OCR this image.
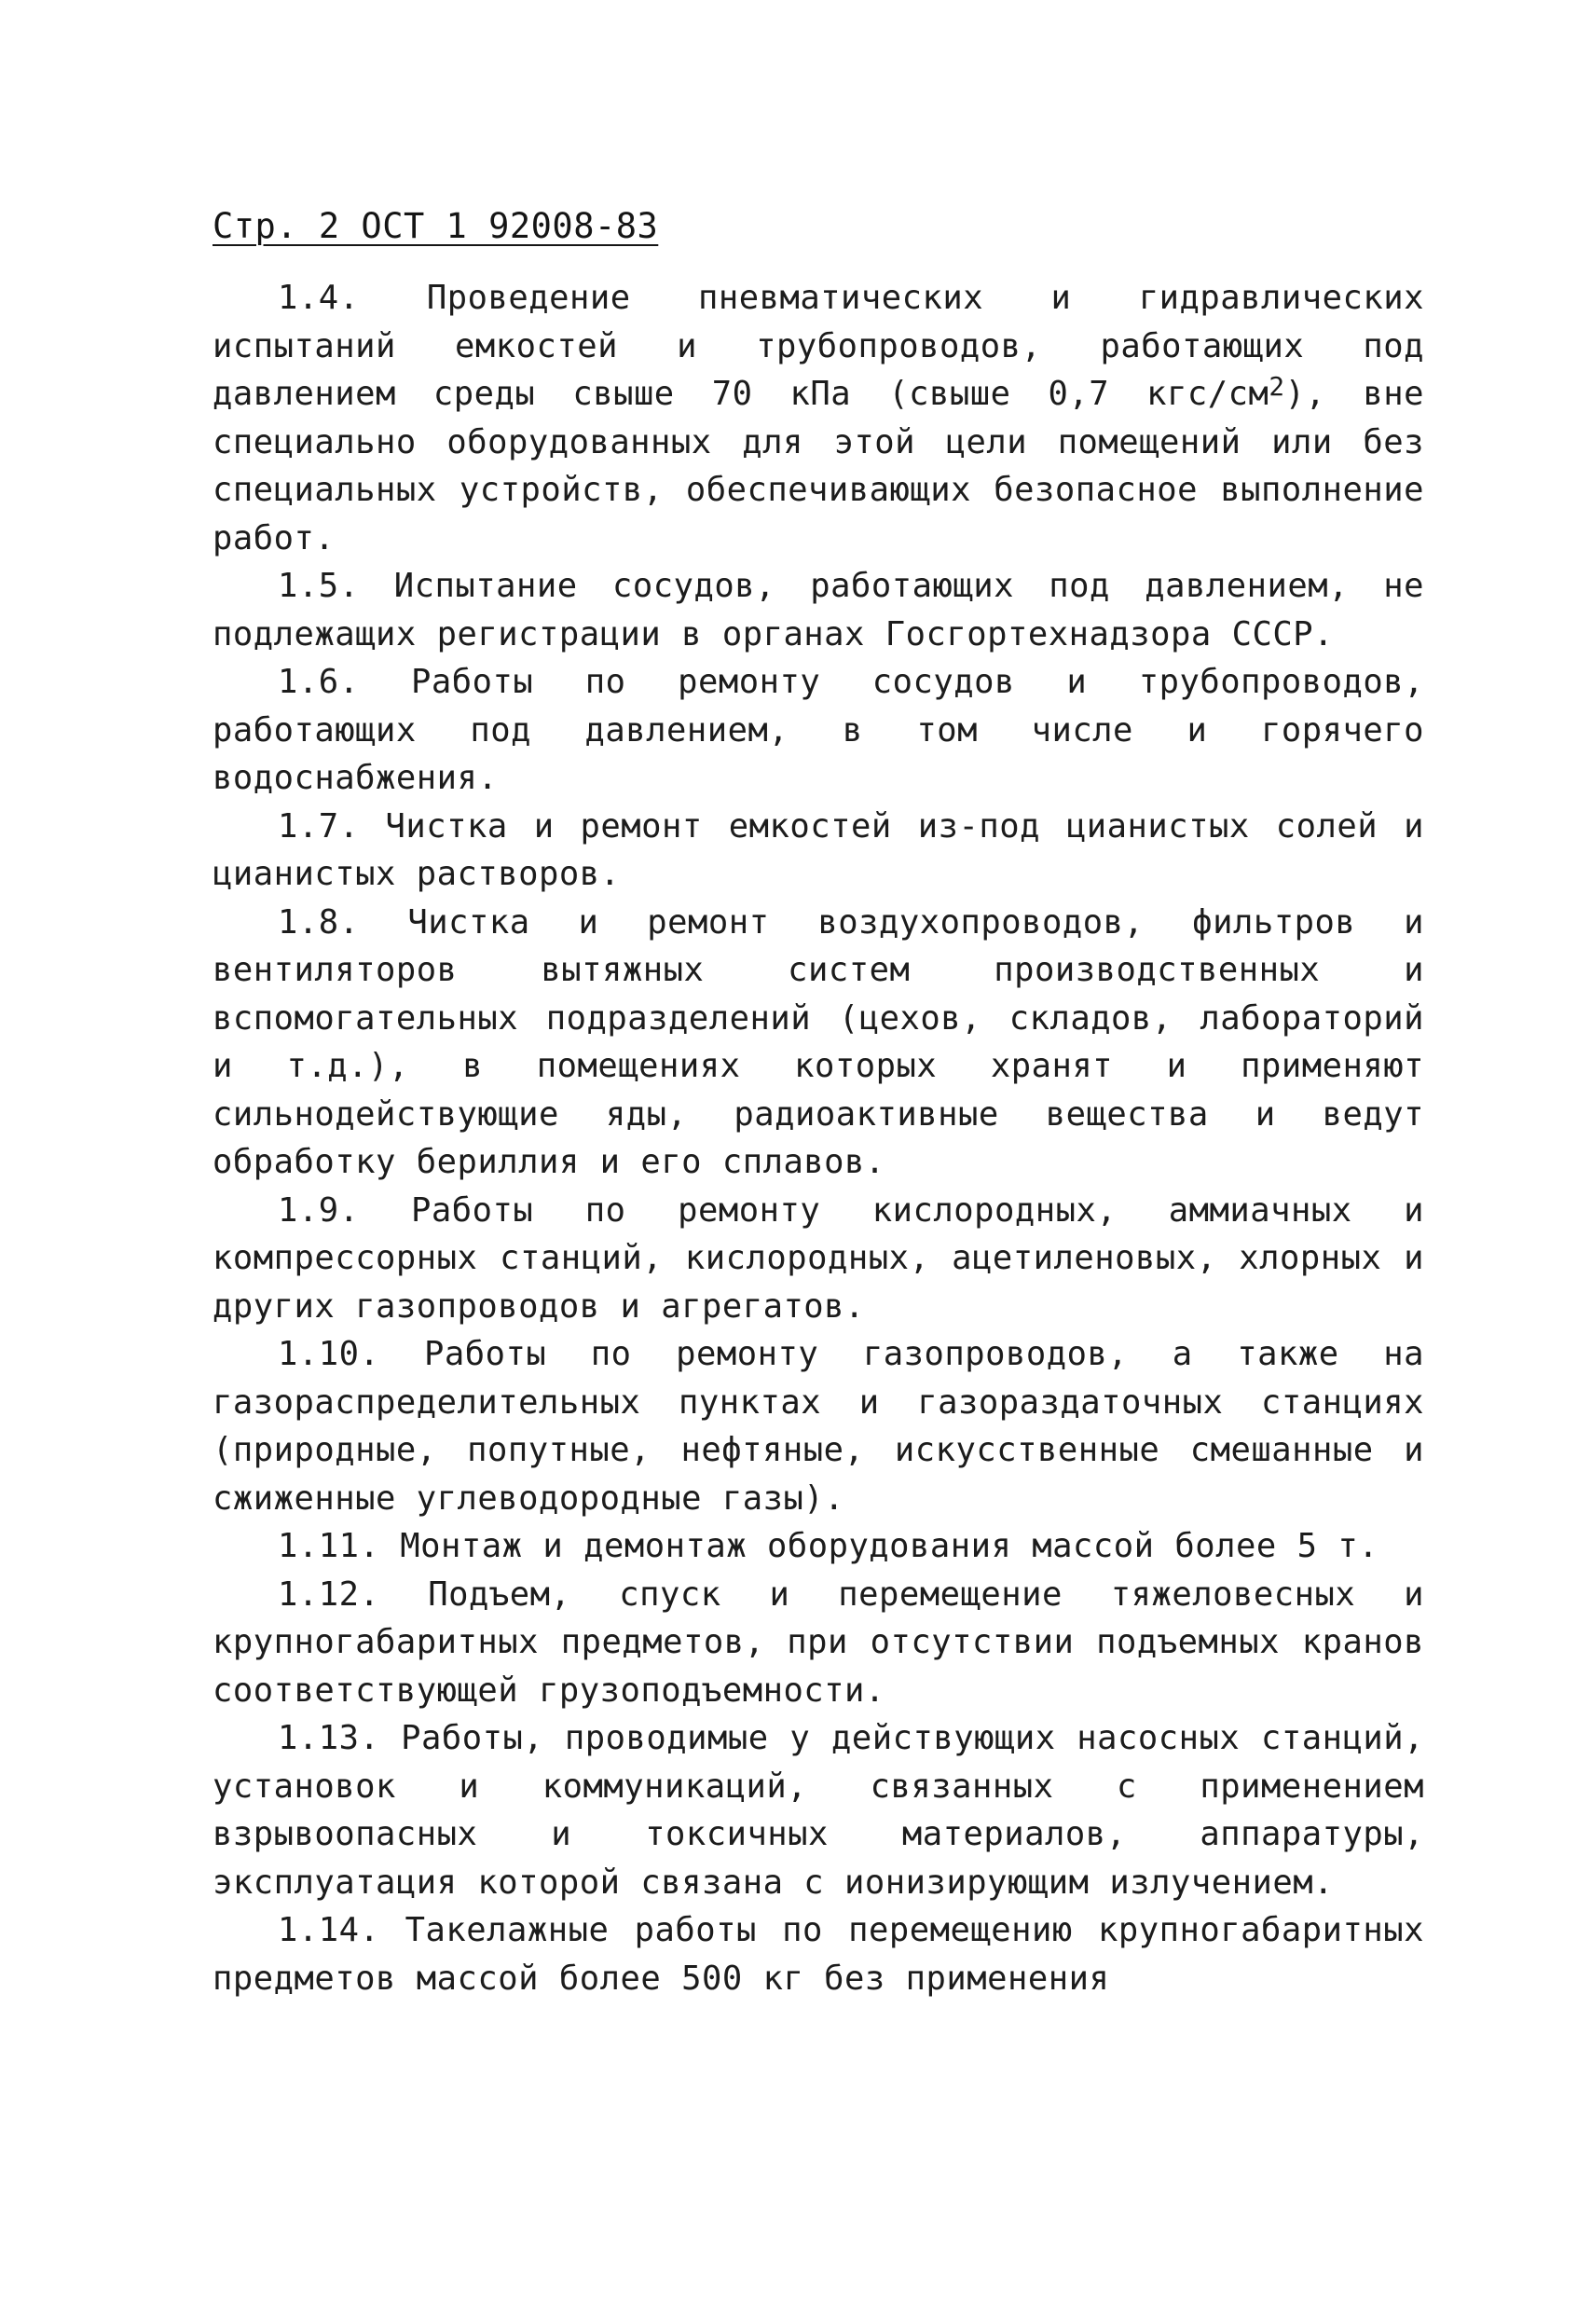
Стр. 2 ОСТ 1 92008-83

1.4. Проведение пневматических и гидравлических испытаний емкостей и трубопроводов, работающих под давлением среды свыше 70 кПа (свыше 0,7 кгс/$см^2$), вне специально оборудованных для этой цели помещений или без специальных устройств, обеспечивающих безопасное выполнение работ.

1.5. Испытание сосудов, работающих под давлением, не подлежащих регистрации в органах Госгортехнадзора СССР.

1.6. Работы по ремонту сосудов и трубопроводов, работающих под давлением, в том числе и горячего водоснабжения.

1.7. Чистка и ремонт емкостей из-под цианистых солей и цианистых растворов.

1.8. Чистка и ремонт воздухопроводов, фильтров и вентиляторов вытяжных систем производственных и вспомогательных подразделений (цехов, складов, лабораторий и т.д.), в помещениях которых хранят и применяют сильнодействующие яды, радиоактивные вещества и ведут обработку бериллия и его сплавов.

1.9. Работы по ремонту кислородных, аммиачных и компрессорных станций, кислородных, ацетиленовых, хлорных и других газопроводов и агрегатов.

1.10. Работы по ремонту газопроводов, а также на газораспределительных пунктах и газораздаточных станциях (природные, попутные, нефтяные, искусственные смешанные и сжиженные углеводородные газы).

1.11. Монтаж и демонтаж оборудования массой более 5 т.

1.12. Подъем, спуск и перемещение тяжеловесных и крупногабаритных предметов, при отсутствии подъемных кранов соответствующей грузоподъемности.

1.13. Работы, проводимые у действующих насосных станций, установок и коммуникаций, связанных с применением взрывоопасных и токсичных материалов, аппаратуры, эксплуатация которой связана с ионизирующим излучением.

1.14. Такелажные работы по перемещению крупногабаритных предметов массой более 500 кг без применения
